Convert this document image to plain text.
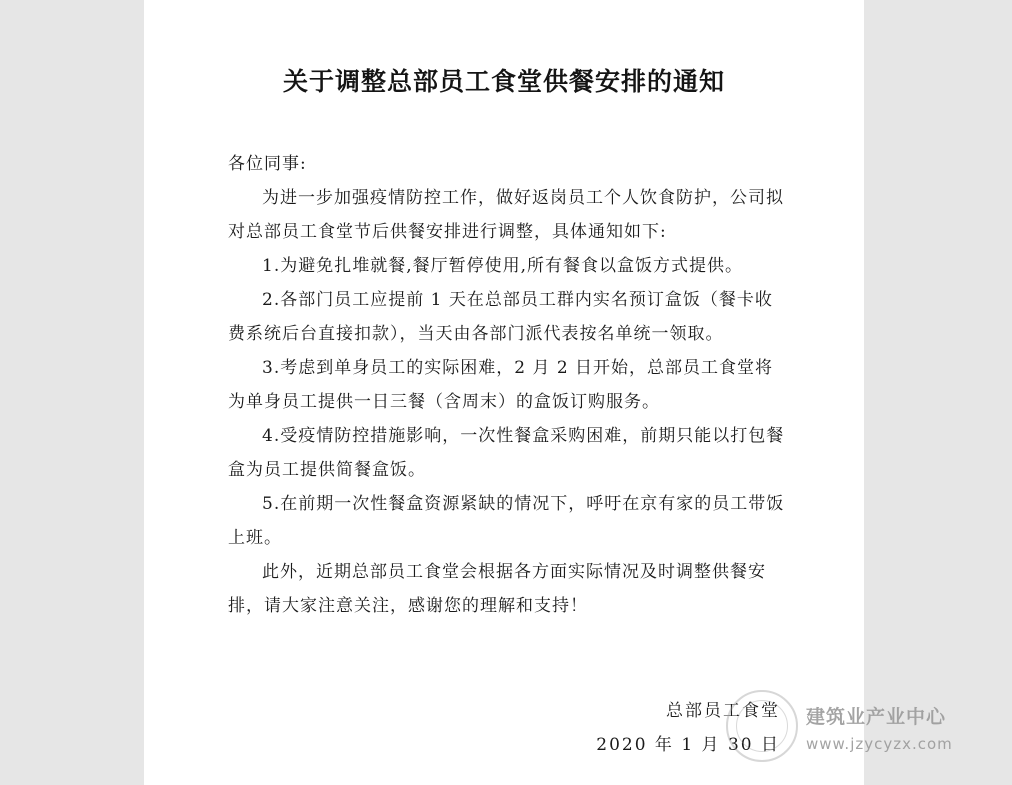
关于调整总部员工食堂供餐安排的通知

各位同事:

为进一步加强疫情防控工作，做好返岗员工个人饮食防护，公司拟对总部员工食堂节后供餐安排进行调整，具体通知如下:

1.为避免扎堆就餐,餐厅暂停使用,所有餐食以盒饭方式提供。

2.各部门员工应提前 1 天在总部员工群内实名预订盒饭（餐卡收费系统后台直接扣款），当天由各部门派代表按名单统一领取。

3.考虑到单身员工的实际困难，2 月 2 日开始，总部员工食堂将为单身员工提供一日三餐（含周末）的盒饭订购服务。

4.受疫情防控措施影响，一次性餐盒采购困难，前期只能以打包餐盒为员工提供简餐盒饭。

5.在前期一次性餐盒资源紧缺的情况下，呼吁在京有家的员工带饭上班。

此外，近期总部员工食堂会根据各方面实际情况及时调整供餐安排，请大家注意关注，感谢您的理解和支持！

总部员工食堂
2020 年 1 月 30 日
建筑业产业中心
www.jzycyzx.com
